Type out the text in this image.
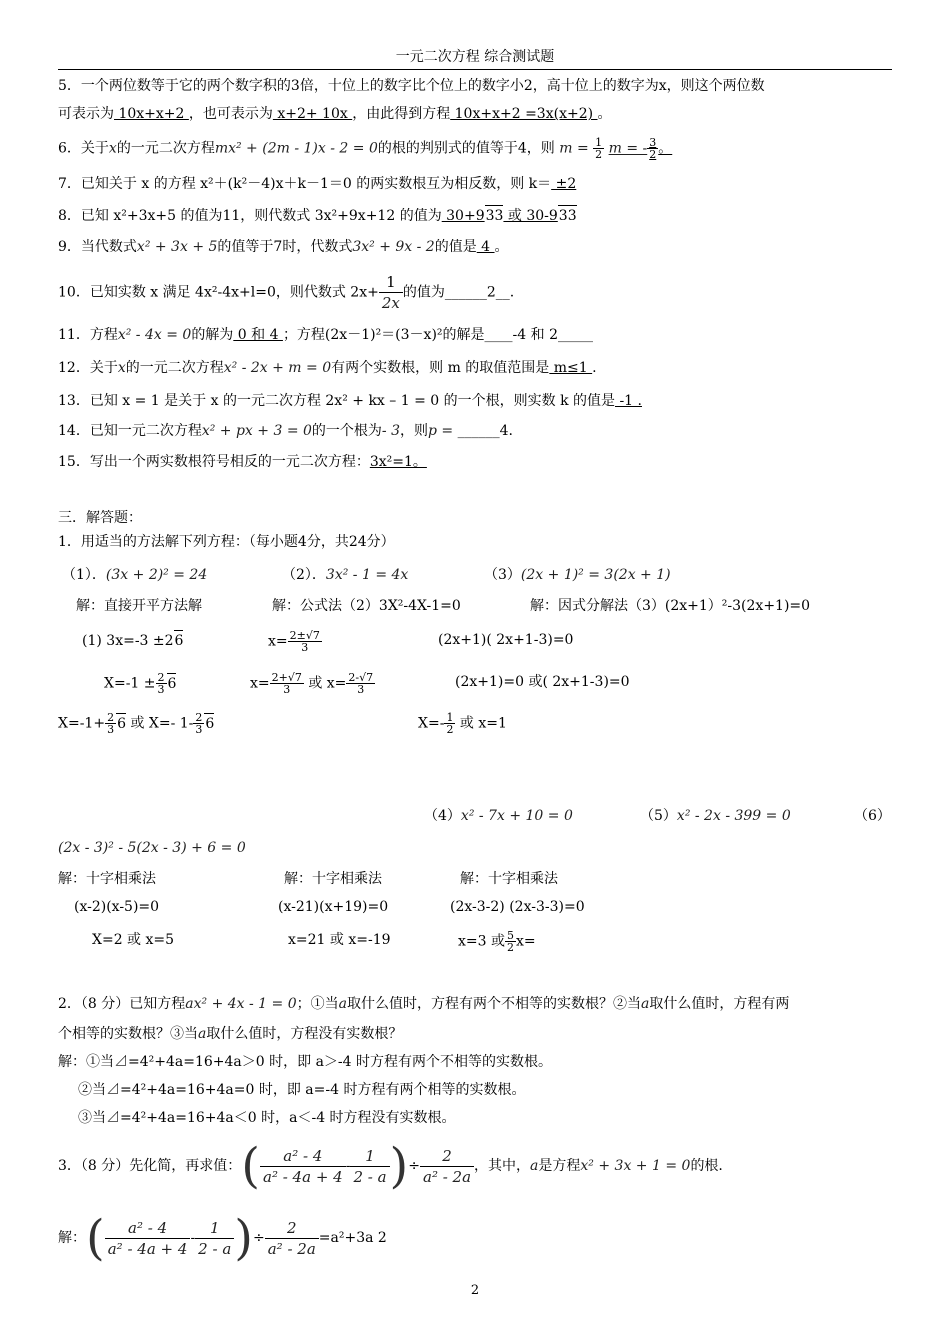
一元二次方程 综合测试题
5．一个两位数等于它的两个数字积的3倍，十位上的数字比个位上的数字小2，高十位上的数字为x，则这个两位数
可表示为 10x+x+2 ，也可表示为 x+2+ 10x ，由此得到方程 10x+x+2 =3x(x+2) 。
6．关于x的一元二次方程mx² + (2m - 1)x - 2 = 0的根的判别式的值等于4，则 $m = \frac{1}{2}$ m = - $\frac{3}{2}$ 。
7．已知关于 x 的方程 x²＋(k²－4)x＋k－1＝0 的两实数根互为相反数，则 k＝ ±2
8．已知 x²+3x+5 的值为11，则代数式 3x²+9x+12 的值为 30+933 或 30-933
9．当代数式x² + 3x + 5的值等于7时，代数式3x² + 9x - 2的值是 4 。
10．已知实数 x 满足 4x²-4x+l=0，则代数式 $2x+ \frac{1}{2x}$ 的值为______2__.
11．方程x² - 4x = 0的解为 0 和 4 ；方程(2x－1)²＝(3－x)²的解是____-4 和 2_____
12．关于x的一元二次方程x² - 2x + m = 0有两个实数根，则 m 的取值范围是 m≤1 .
13．已知 x = 1 是关于 x 的一元二次方程 2x² + kx – 1 = 0 的一个根，则实数 k 的值是 -1 .
14．已知一元二次方程x² + px + 3 = 0的一个根为- 3，则p = ______4.
15．写出一个两实数根符号相反的一元二次方程：3x²=1。
三．解答题：
1．用适当的方法解下列方程：（每小题4分，共24分）
（1）．(3x + 2)² = 24	（2）．3x² - 1 = 4x	（3）(2x + 1)² = 3(2x + 1)
解：直接开平方法解	解：公式法（2）3X²-4X-1=0	解：因式分解法（3）(2x+1）²-3(2x+1)=0
(1) 3x=-3 ±26	$x= \frac{2\pm√7}{3}$	(2x+1)( 2x+1-3)=0
$X=-1 \pm \frac{2}{3} 6$	$x= \frac{2+√7}{3}$ 或 $x= \frac{2-√7}{3}$	(2x+1)=0 或( 2x+1-3)=0
$X=-1+ \frac{2}{3} 6$ 或 X=- $1- \frac{2}{3} 6$	$X=- \frac{1}{2}$ 或 x=1
（4）x² - 7x + 10 = 0	（5）x² - 2x - 399 = 0	（6）
(2x - 3)² - 5(2x - 3) + 6 = 0
解：十字相乘法	解：十字相乘法	解：十字相乘法
(x-2)(x-5)=0	(x-21)(x+19)=0	(2x-3-2) (2x-3-3)=0
X=2 或 x=5	x=21 或 x=-19	x=3 或 $\frac{5}{2} x=$
2．（8 分）已知方程ax² + 4x - 1 = 0；①当a取什么值时，方程有两个不相等的实数根？②当a取什么值时，方程有两
个相等的实数根？③当a取什么值时，方程没有实数根？
解：①当⊿=4²+4a=16+4a＞0 时，即 a＞-4 时方程有两个不相等的实数根。
②当⊿=4²+4a=16+4a=0 时，即 a=-4 时方程有两个相等的实数根。
③当⊿=4²+4a=16+4a＜0 时，a＜-4 时方程没有实数根。
3．（8 分）先化简，再求值：( $\frac{\text{a² - 4}}{\text{a² - 4a + 4}} - \frac{1}{2 - a}$ )÷ $\frac{2}{\text{a² - 2a}}$ ，其中，a是方程x² + 3x + 1 = 0的根.
解：( $\frac{\text{a² - 4}}{\text{a² - 4a + 4}} - \frac{1}{2 - a}$ )÷ $\frac{2}{\text{a² - 2a}} =a^2+3a$ 2
2
